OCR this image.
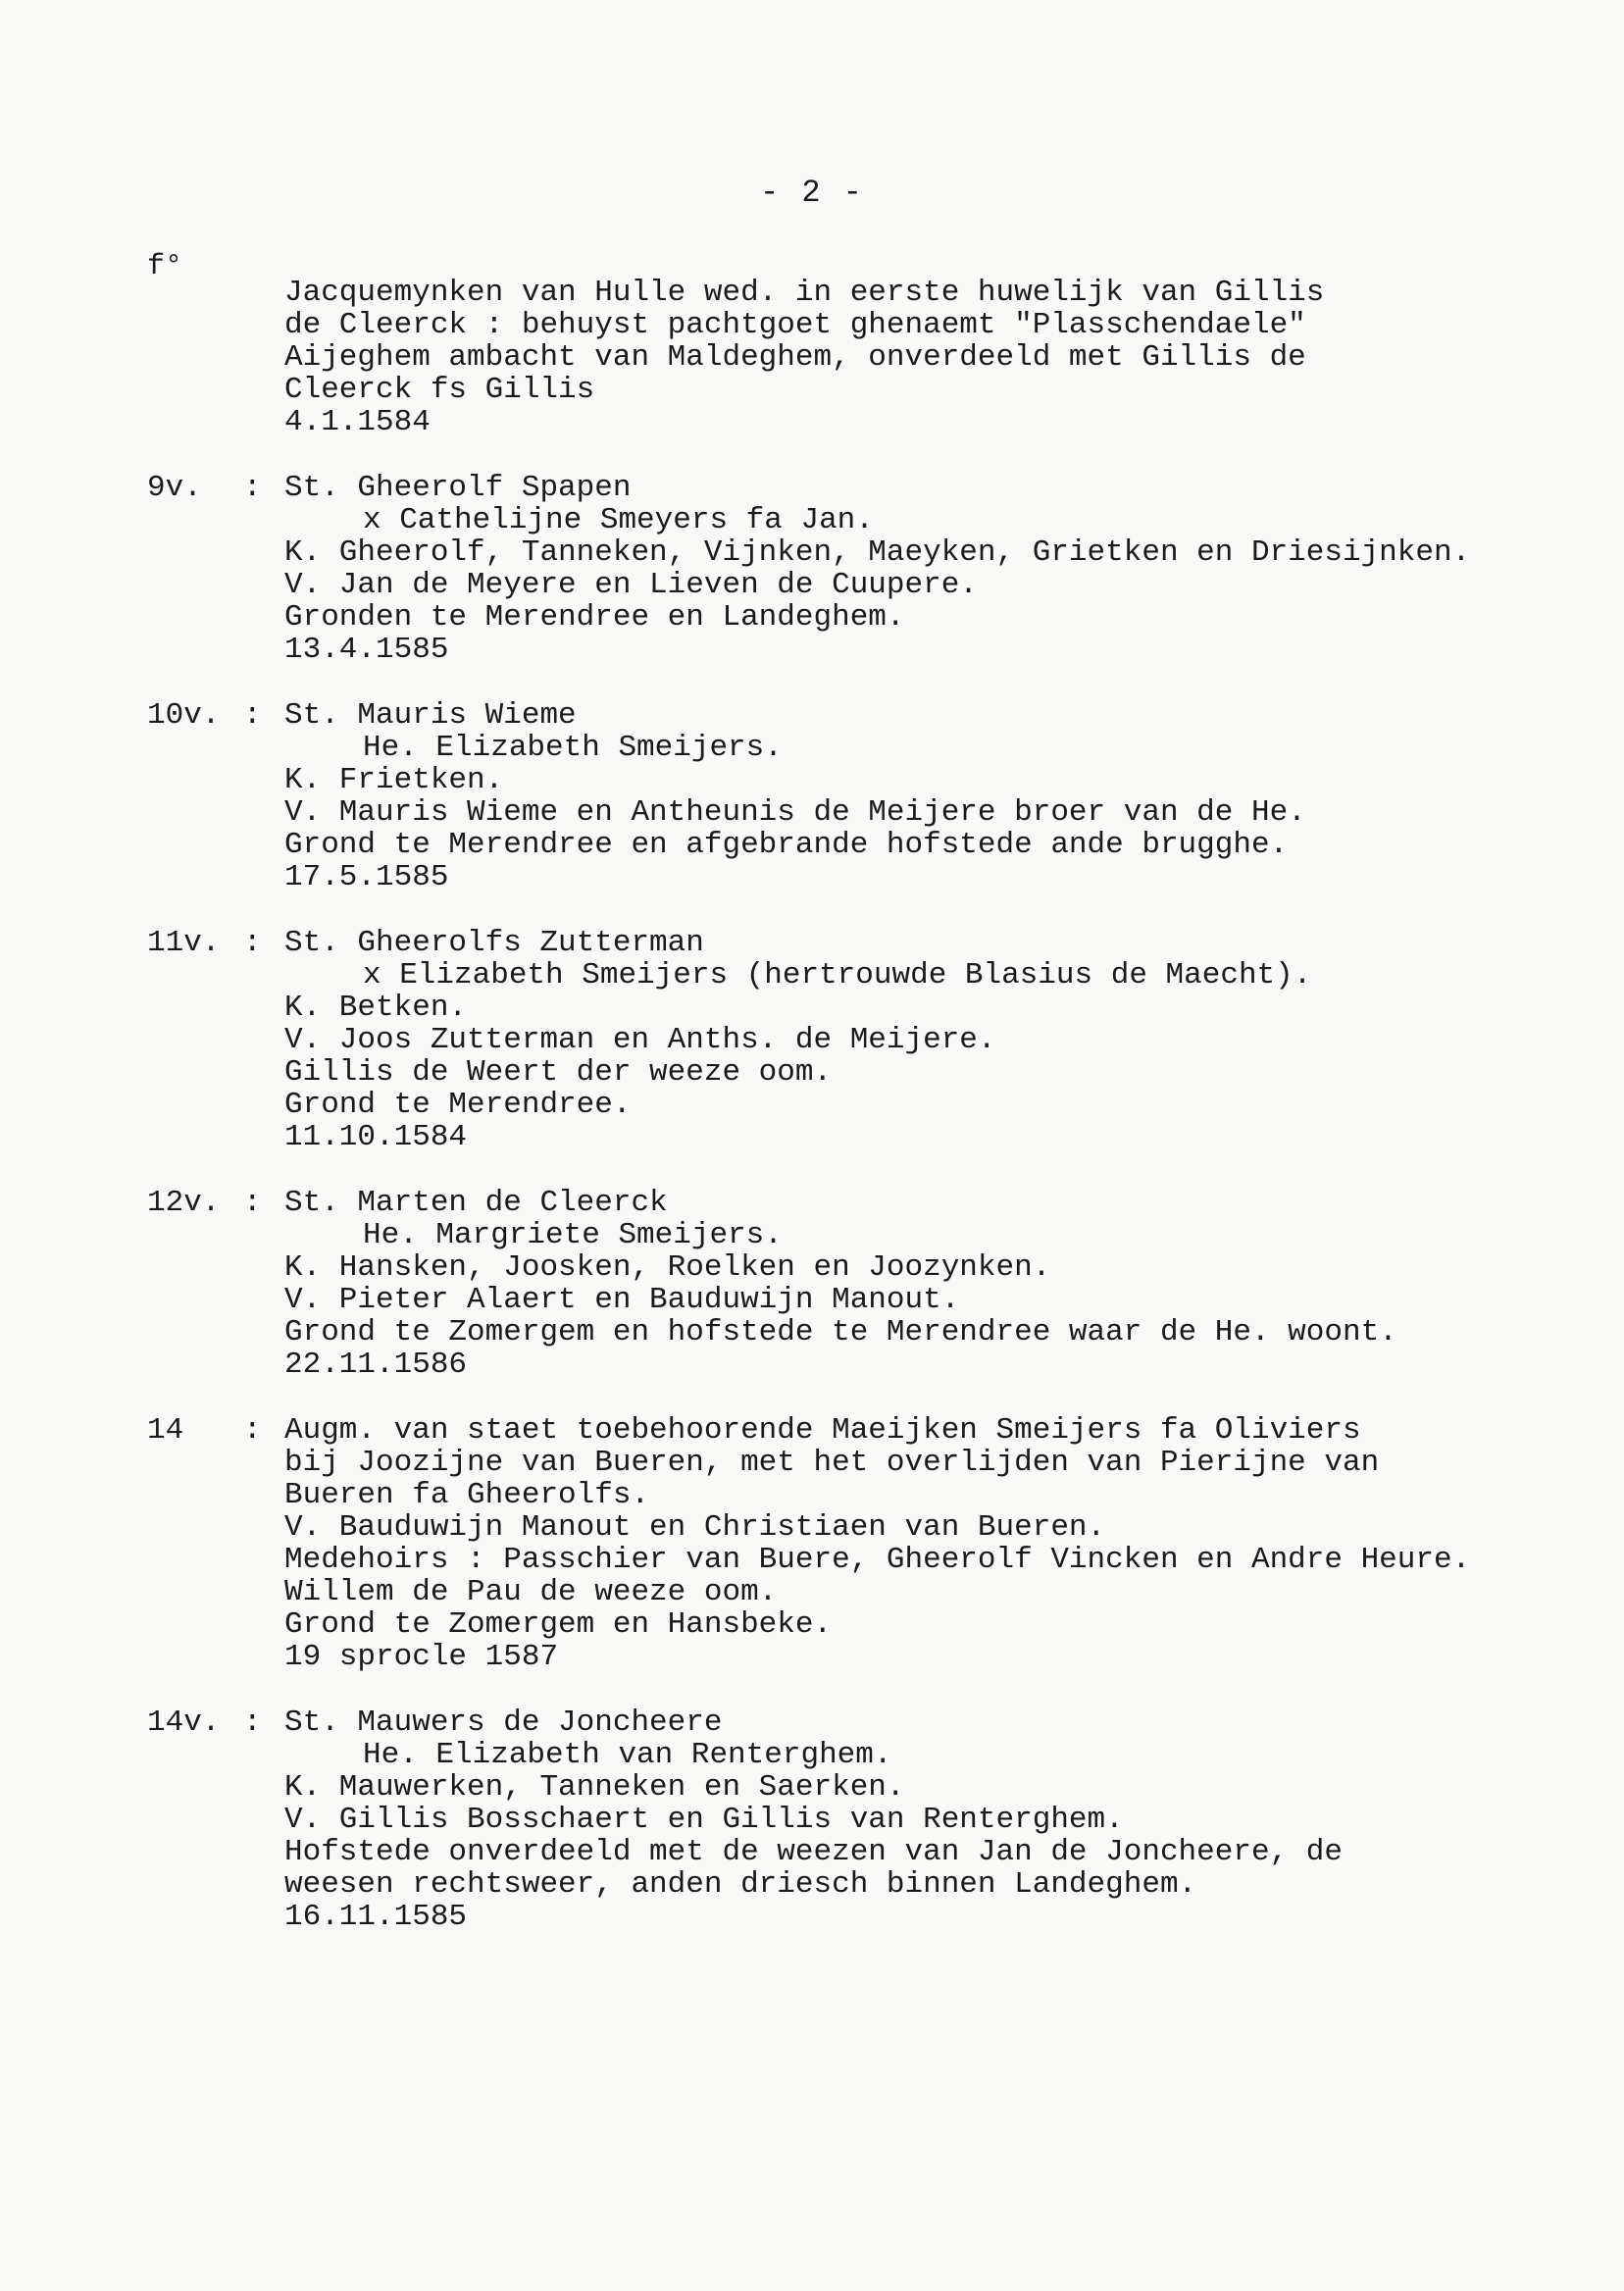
- 2 -
f°
Jacquemynken van Hulle wed. in eerste huwelijk van Gillis
de Cleerck : behuyst pachtgoet ghenaemt "Plasschendaele"
Aijeghem ambacht van Maldeghem, onverdeeld met Gillis de
Cleerck fs Gillis
4.1.1584
9v.	: St. Gheerolf Spapen
x Cathelijne Smeyers fa Jan.
K. Gheerolf, Tanneken, Vijnken, Maeyken, Grietken en Driesijnken.
V. Jan de Meyere en Lieven de Cuupere.
Gronden te Merendree en Landeghem.
13.4.1585
10v. : St. Mauris Wieme
He. Elizabeth Smeijers.
K. Frietken.
V. Mauris Wieme en Antheunis de Meijere broer van de He.
Grond te Merendree en afgebrande hofstede ande brugghe.
17.5.1585
11v. : St. Gheerolfs Zutterman
x Elizabeth Smeijers (hertrouwde Blasius de Maecht).
K. Betken.
V. Joos Zutterman en Anths. de Meijere.
Gillis de Weert der weeze oom.
Grond te Merendree.
11.10.1584
12v. : St. Marten de Cleerck
He. Margriete Smeijers.
K. Hansken, Joosken, Roelken en Joozynken.
V. Pieter Alaert en Bauduwijn Manout.
Grond te Zomergem en hofstede te Merendree waar de He. woont.
22.11.1586
14	: Augm. van staet toebehoorende Maeijken Smeijers fa Oliviers
bij Joozijne van Bueren, met het overlijden van Pierijne van
Bueren fa Gheerolfs.
V. Bauduwijn Manout en Christiaen van Bueren.
Medehoirs : Passchier van Buere, Gheerolf Vincken en Andre Heure.
Willem de Pau de weeze oom.
Grond te Zomergem en Hansbeke.
19 sprocle 1587
14v. : St. Mauwers de Joncheere
He. Elizabeth van Renterghem.
K. Mauwerken, Tanneken en Saerken.
V. Gillis Bosschaert en Gillis van Renterghem.
Hofstede onverdeeld met de weezen van Jan de Joncheere, de
weesen rechtsweer, anden driesch binnen Landeghem.
16.11.1585
